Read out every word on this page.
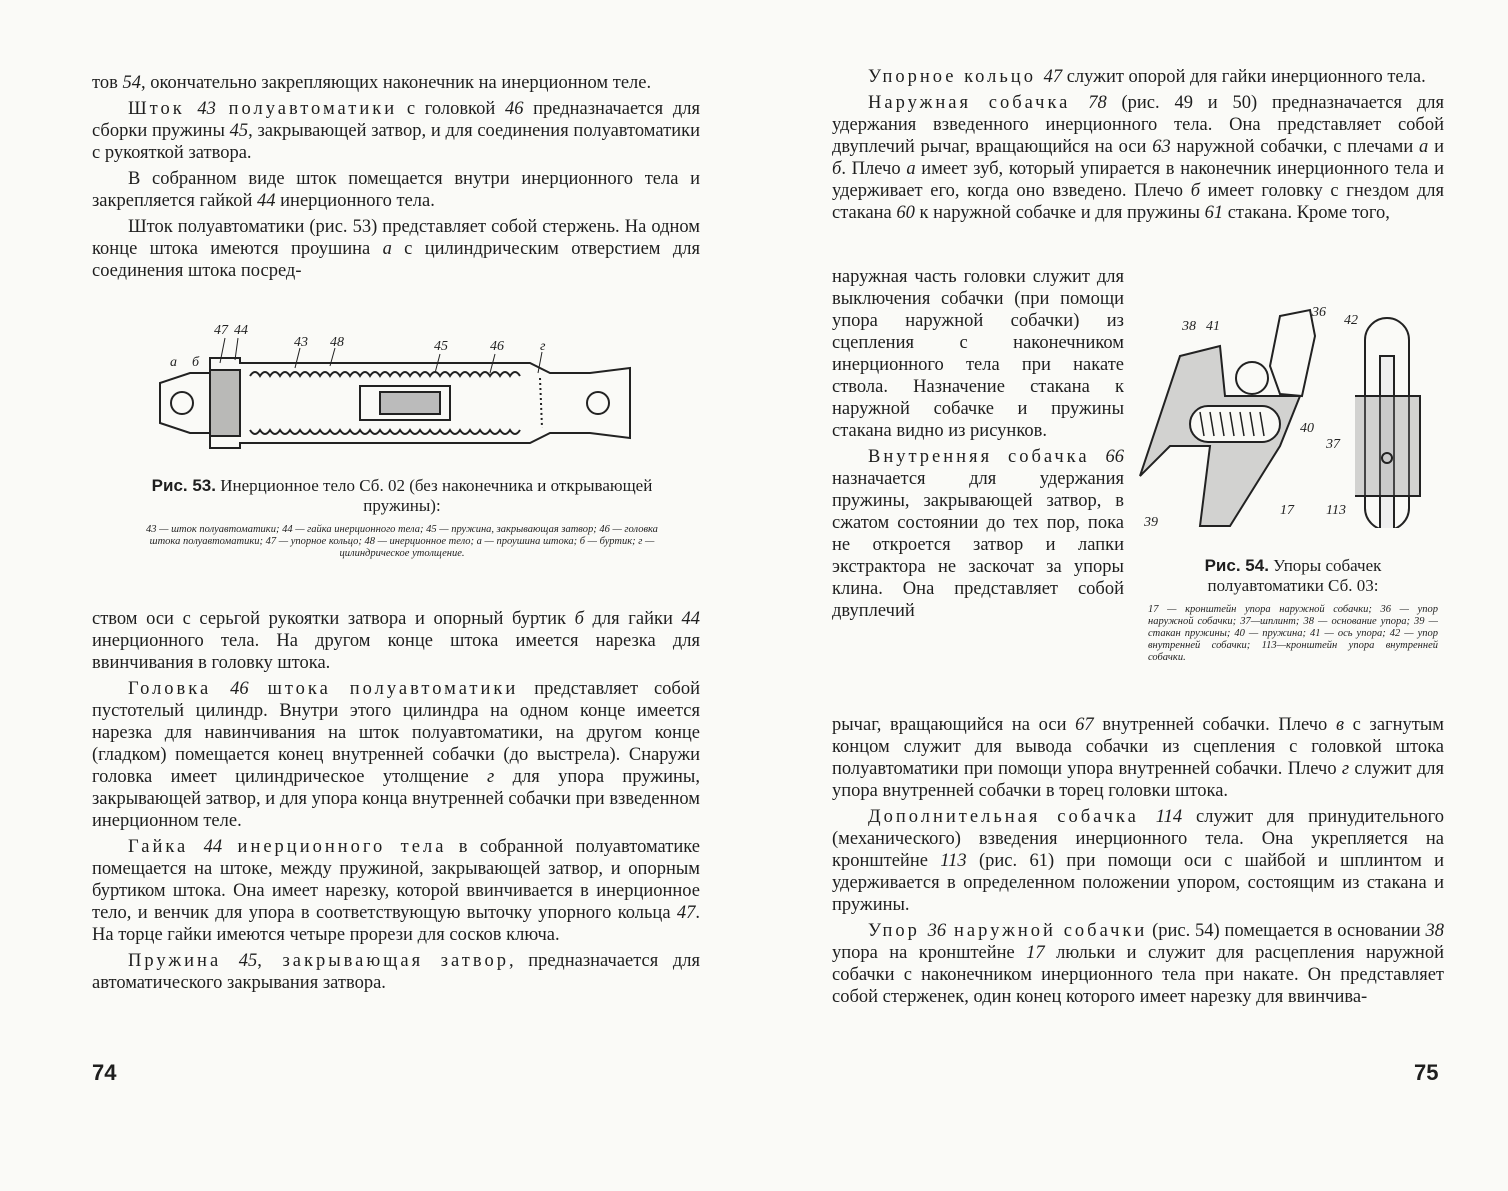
тов 54, окончательно закрепляющих наконечник на инерционном теле.

Шток 43 полуавтоматики с головкой 46 предназначается для сборки пружины 45, закрывающей затвор, и для соединения полуавтоматики с рукояткой затвора.

В собранном виде шток помещается внутри инерционного тела и закрепляется гайкой 44 инерционного тела.

Шток полуавтоматики (рис. 53) представляет собой стержень. На одном конце штока имеются проушина а с цилиндрическим отверстием для соединения штока посред-

47 44
43 48	45	46	г
а б
Рис. 53. Инерционное тело Сб. 02 (без наконечника и открывающей пружины):
43 — шток полуавтоматики; 44 — гайка инерционного тела; 45 — пружина, закрывающая затвор; 46 — головка штока полуавтоматики; 47 — упорное кольцо; 48 — инерционное тело; а — проушина штока; б — буртик; г — цилиндрическое утолщение.

ством оси с серьгой рукоятки затвора и опорный буртик б для гайки 44 инерционного тела. На другом конце штока имеется нарезка для ввинчивания в головку штока.

Головка 46 штока полуавтоматики представляет собой пустотелый цилиндр. Внутри этого цилиндра на одном конце имеется нарезка для навинчивания на шток полуавтоматики, на другом конце (гладком) помещается конец внутренней собачки (до выстрела). Снаружи головка имеет цилиндрическое утолщение г для упора пружины, закрывающей затвор, и для упора конца внутренней собачки при взведенном инерционном теле.

Гайка 44 инерционного тела в собранной полуавтоматике помещается на штоке, между пружиной, закрывающей затвор, и опорным буртиком штока. Она имеет нарезку, которой ввинчивается в инерционное тело, и венчик для упора в соответствующую выточку упорного кольца 47. На торце гайки имеются четыре прорези для сосков ключа.

Пружина 45, закрывающая затвор, предназначается для автоматического закрывания затвора.

74

Упорное кольцо 47 служит опорой для гайки инерционного тела.

Наружная собачка 78 (рис. 49 и 50) предназначается для удержания взведенного инерционного тела. Она представляет собой двуплечий рычаг, вращающийся на оси 63 наружной собачки, с плечами а и б. Плечо а имеет зуб, который упирается в наконечник инерционного тела и удерживает его, когда оно взведено. Плечо б имеет головку с гнездом для стакана 60 к наружной собачке и для пружины 61 стакана. Кроме того,

наружная часть головки служит для выключения собачки (при помощи упора наружной собачки) из сцепления с наконечником инерционного тела при накате ствола. Назначение стакана к наружной собачке и пружины стакана видно из рисунков.

Внутренняя собачка 66 назначается для удержания пружины, закрывающей затвор, в сжатом состоянии до тех пор, пока не откроется затвор и лапки экстрактора не заскочат за упоры клина. Она представляет собой двуплечий

36
38 41	42
40
37
39
17 113
Рис. 54. Упоры собачек полуавтоматики Сб. 03:
17 — кронштейн упора наружной собачки; 36 — упор наружной собачки; 37—шплинт; 38 — основание упора; 39 — стакан пружины; 40 — пружина; 41 — ось упора; 42 — упор внутренней собачки; 113—кронштейн упора внутренней собачки.

рычаг, вращающийся на оси 67 внутренней собачки. Плечо в с загнутым концом служит для вывода собачки из сцепления с головкой штока полуавтоматики при помощи упора внутренней собачки. Плечо г служит для упора внутренней собачки в торец головки штока.

Дополнительная собачка 114 служит для принудительного (механического) взведения инерционного тела. Она укрепляется на кронштейне 113 (рис. 61) при помощи оси с шайбой и шплинтом и удерживается в определенном положении упором, состоящим из стакана и пружины.

Упор 36 наружной собачки (рис. 54) помещается в основании 38 упора на кронштейне 17 люльки и служит для расцепления наружной собачки с наконечником инерционного тела при накате. Он представляет собой стерженек, один конец которого имеет нарезку для ввинчива-

75
